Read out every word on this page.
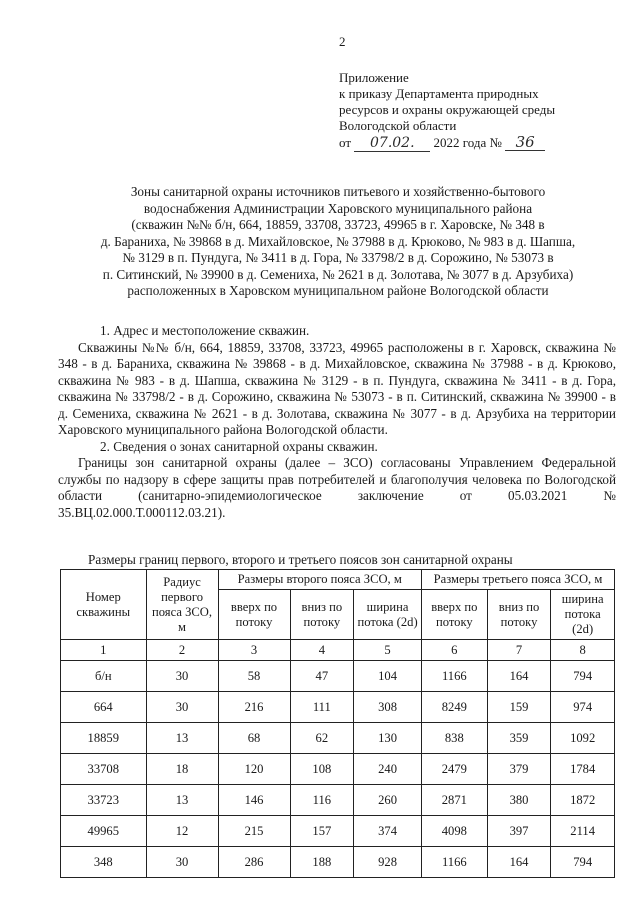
2
Приложение
к приказу Департамента природных
ресурсов и охраны окружающей среды
Вологодской области
от 07.02. 2022 года № 36
Зоны санитарной охраны источников питьевого и хозяйственно-бытового
водоснабжения Администрации Харовского муниципального района
(скважин №№ б/н, 664, 18859, 33708, 33723, 49965 в г. Харовске, № 348 в
д. Бараниха, № 39868 в д. Михайловское, № 37988 в д. Крюково, № 983 в д. Шапша,
№ 3129 в п. Пундуга, № 3411 в д. Гора, № 33798/2 в д. Сорожино, № 53073 в
п. Ситинский, № 39900 в д. Семениха, № 2621 в д. Золотава, № 3077 в д. Арзубиха)
расположенных в Харовском муниципальном районе Вологодской области

1. Адрес и местоположение скважин.

Скважины №№ б/н, 664, 18859, 33708, 33723, 49965 расположены в г. Харовск, скважина № 348 - в д. Бараниха, скважина № 39868 - в д. Михайловское, скважина № 37988 - в д. Крюково, скважина № 983 - в д. Шапша, скважина № 3129 - в п. Пундуга, скважина № 3411 - в д. Гора, скважина № 33798/2 - в д. Сорожино, скважина № 53073 - в п. Ситинский, скважина № 39900 - в д. Семениха, скважина № 2621 - в д. Золотава, скважина № 3077 - в д. Арзубиха на территории Харовского муниципального района Вологодской области.

2. Сведения о зонах санитарной охраны скважин.

Границы зон санитарной охраны (далее – ЗСО) согласованы Управлением Федеральной службы по надзору в сфере защиты прав потребителей и благополучия человека по Вологодской области (санитарно-эпидемиологическое заключение от 05.03.2021 № 35.ВЦ.02.000.Т.000112.03.21).

Размеры границ первого, второго и третьего поясов зон санитарной охраны
Номер скважины	Радиус первого пояса ЗСО, м	Размеры второго пояса ЗСО, м			Размеры третьего пояса ЗСО, м		
		вверх по потоку	вниз по потоку	ширина потока (2d)	вверх по потоку	вниз по потоку	ширина потока (2d)
1	2	3	4	5	6	7	8
б/н	30	58	47	104	1166	164	794
664	30	216	111	308	8249	159	974
18859	13	68	62	130	838	359	1092
33708	18	120	108	240	2479	379	1784
33723	13	146	116	260	2871	380	1872
49965	12	215	157	374	4098	397	2114
348	30	286	188	928	1166	164	794
